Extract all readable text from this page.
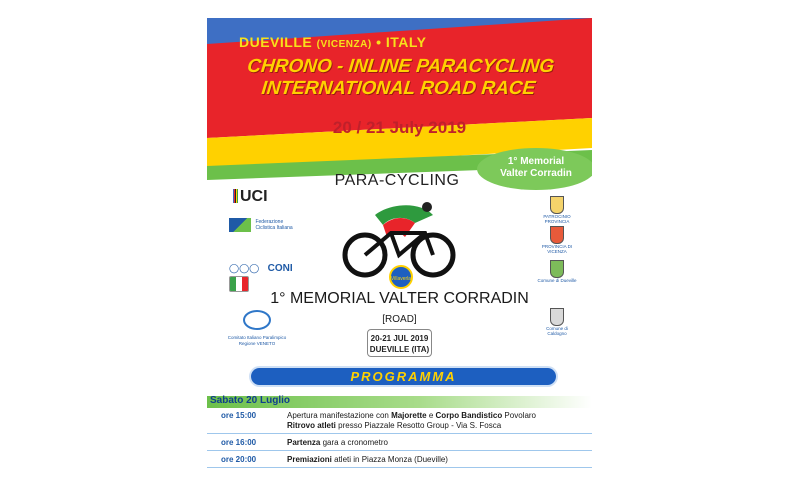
DUEVILLE (VICENZA) • ITALY
CHRONO - INLINE PARACYCLING
INTERNATIONAL ROAD RACE
20 / 21 July 2019
1° Memorial
Valter Corradin
UCI
Federazione Ciclistica Italiana
◯◯◯ CONI
Comitato Italiano Paralimpico Regione VENETO
PATROCINIO PROVINCIA
PROVINCIA DI VICENZA
Comune di Dueville
Comune di Caldogno
PARA-CYCLING
Villaverla
1° MEMORIAL VALTER CORRADIN
[ROAD]
20-21 JUL 2019
DUEVILLE (ITA)
PROGRAMMA
Sabato 20 Luglio
ore 15:00	Apertura manifestazione con Majorette e Corpo Bandistico Povolaro
Ritrovo atleti presso Piazzale Resotto Group - Via S. Fosca
ore 16:00	Partenza gara a cronometro
ore 20:00	Premiazioni atleti in Piazza Monza (Dueville)
